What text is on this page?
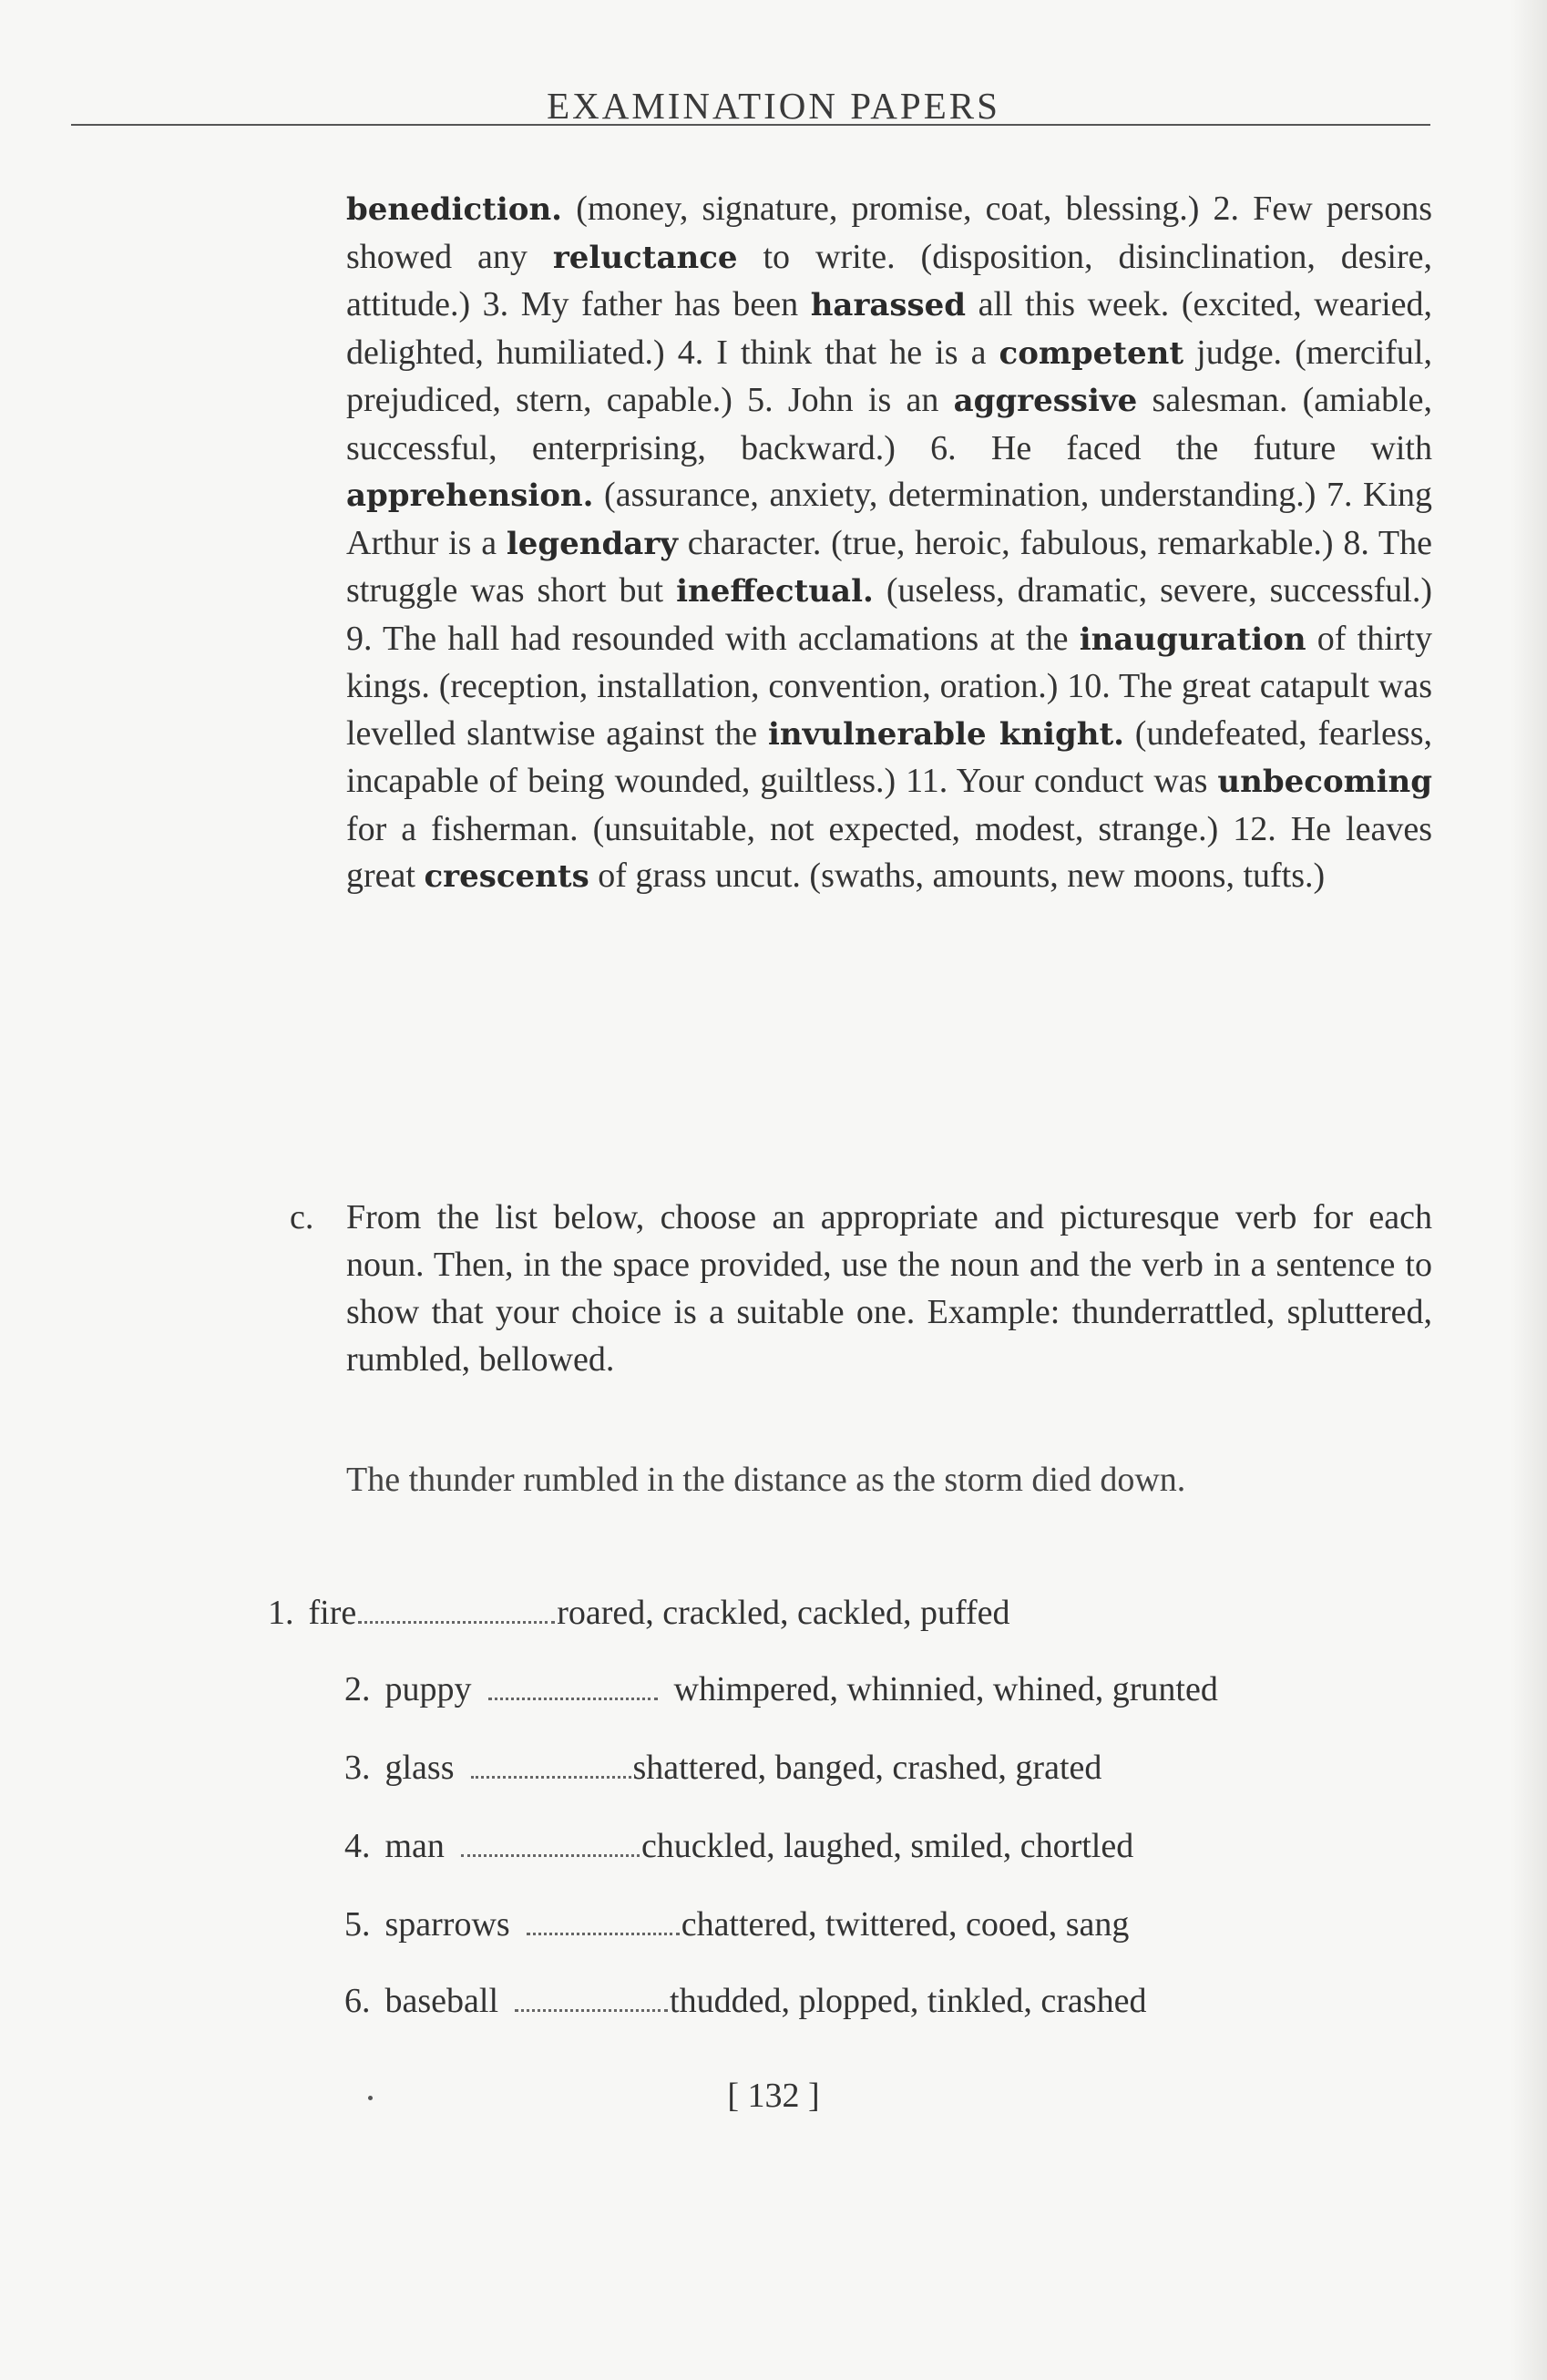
EXAMINATION PAPERS
benediction. (money, signature, promise, coat, blessing.) 2. Few persons showed any reluctance to write. (disposition, disinclination, desire, attitude.) 3. My father has been harassed all this week. (excited, wearied, delighted, humiliated.) 4. I think that he is a competent judge. (merciful, prejudiced, stern, capable.) 5. John is an aggressive salesman. (amiable, successful, enterprising, backward.) 6. He faced the future with apprehension. (assurance, anxiety, determination, understanding.) 7. King Arthur is a legendary character. (true, heroic, fabulous, remarkable.) 8. The struggle was short but ineffectual. (useless, dramatic, severe, successful.) 9. The hall had resounded with acclamations at the inauguration of thirty kings. (reception, installation, convention, oration.) 10. The great catapult was levelled slantwise against the invulnerable knight. (undefeated, fearless, incapable of being wounded, guiltless.) 11. Your conduct was unbecoming for a fisherman. (unsuitable, not expected, modest, strange.) 12. He leaves great crescents of grass uncut. (swaths, amounts, new moons, tufts.)
c. From the list below, choose an appropriate and picturesque verb for each noun. Then, in the space provided, use the noun and the verb in a sentence to show that your choice is a suitable one. Example: thunderrattled, spluttered, rumbled, bellowed.
The thunder rumbled in the distance as the storm died down.
1. fire	roared, crackled, cackled, puffed
2. puppy	whimpered, whinnied, whined, grunted
3. glass	shattered, banged, crashed, grated
4. man	chuckled, laughed, smiled, chortled
5. sparrows	chattered, twittered, cooed, sang
6. baseball	thudded, plopped, tinkled, crashed
[ 132 ]
